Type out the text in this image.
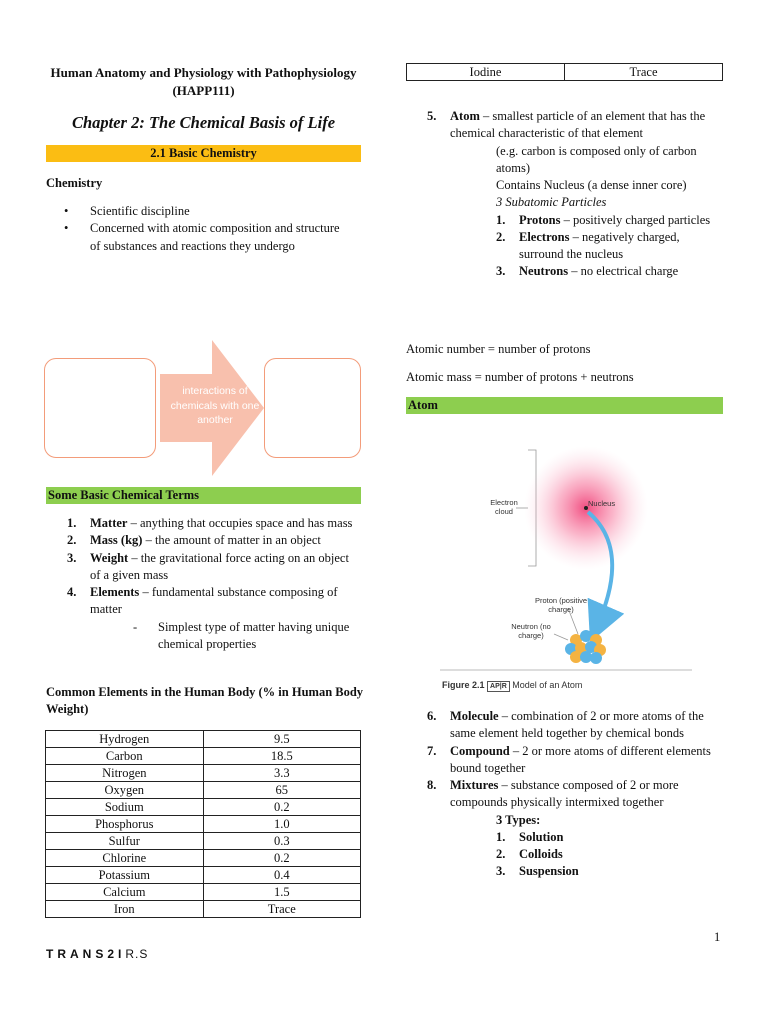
Human Anatomy and Physiology with Pathophysiology (HAPP111)
Chapter 2: The Chemical Basis of Life
2.1 Basic Chemistry
Chemistry
• Scientific discipline
• Concerned with atomic composition and structure of substances and reactions they undergo
interactions of chemicals with one another
Some Basic Chemical Terms
1. Matter – anything that occupies space and has mass
2. Mass (kg) – the amount of matter in an object
3. Weight – the gravitational force acting on an object of a given mass
4. Elements – fundamental substance composing of matter
- Simplest type of matter having unique chemical properties
Common Elements in the Human Body (% in Human Body Weight)
Hydrogen	9.5
Carbon	18.5
Nitrogen	3.3
Oxygen	65
Sodium	0.2
Phosphorus	1.0
Sulfur	0.3
Chlorine	0.2
Potassium	0.4
Calcium	1.5
Iron	Trace
Iodine	Trace
5. Atom – smallest particle of an element that has the chemical characteristic of that element
(e.g. carbon is composed only of carbon atoms)
Contains Nucleus (a dense inner core)
3 Subatomic Particles
1. Protons – positively charged particles
2. Electrons – negatively charged, surround the nucleus
3. Neutrons – no electrical charge
Atomic number = number of protons
Atomic mass = number of protons + neutrons
Atom
Electron cloud
Nucleus
Proton (positive charge)
Neutron (no charge)
Figure 2.1 AP|R Model of an Atom
6. Molecule – combination of 2 or more atoms of the same element held together by chemical bonds
7. Compound – 2 or more atoms of different elements bound together
8. Mixtures – substance composed of 2 or more compounds physically intermixed together
3 Types:
1. Solution
2. Colloids
3. Suspension
1
TRANS2IR.S
